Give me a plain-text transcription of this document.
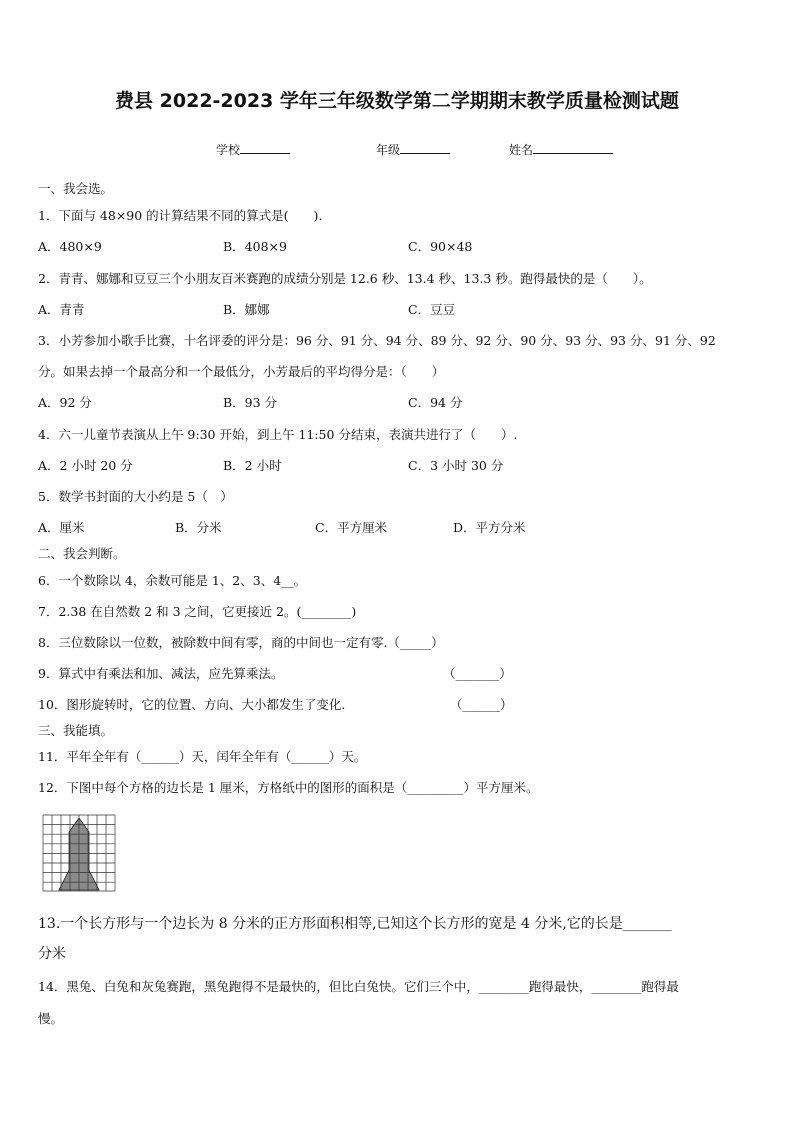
费县 2022-2023 学年三年级数学第二学期期末教学质量检测试题
学校	年级	姓名
一、我会选。
1．下面与 48×90 的计算结果不同的算式是(　　).
A．480×9	B．408×9	C．90×48
2．青青、娜娜和豆豆三个小朋友百米赛跑的成绩分别是 12.6 秒、13.4 秒、13.3 秒。跑得最快的是（　　）。
A．青青	B．娜娜	C．豆豆
3．小芳参加小歌手比赛，十名评委的评分是：96 分、91 分、94 分、89 分、92 分、90 分、93 分、93 分、91 分、92
分。如果去掉一个最高分和一个最低分，小芳最后的平均得分是：（　　）
A．92 分	B．93 分	C．94 分
4．六一儿童节表演从上午 9:30 开始，到上午 11:50 分结束，表演共进行了（　　）.
A．2 小时 20 分	B．2 小时	C．3 小时 30 分
5．数学书封面的大小约是 5（　）
A．厘米	B．分米	C．平方厘米	D．平方分米
二、我会判断。
6．一个数除以 4，余数可能是 1、2、3、4__。
7．2.38 在自然数 2 和 3 之间，它更接近 2。(________)
8．三位数除以一位数，被除数中间有零，商的中间也一定有零.（_____）
9．算式中有乘法和加、减法，应先算乘法。	（_______）
10．图形旋转时，它的位置、方向、大小都发生了变化.	（______）
三、我能填。
11．平年全年有（______）天，闰年全年有（______）天。
12．下图中每个方格的边长是 1 厘米，方格纸中的图形的面积是（_________）平方厘米。
13.一个长方形与一个边长为 8 分米的正方形面积相等,已知这个长方形的宽是 4 分米,它的长是_______
分米
14．黑兔、白兔和灰兔赛跑，黑兔跑得不是最快的，但比白兔快。它们三个中，________跑得最快，________跑得最
慢。
